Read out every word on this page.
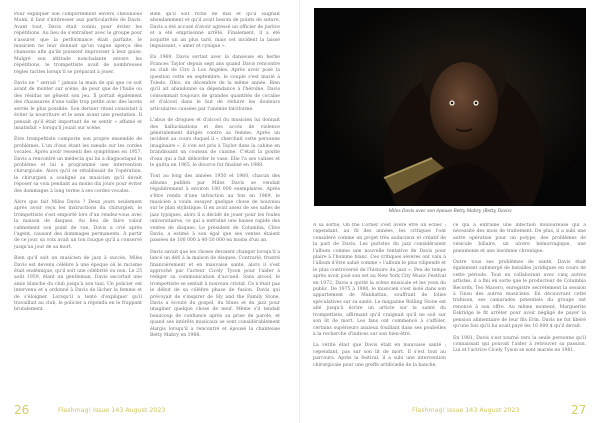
Pour expliquer son comportement envers Thelonious Monk, il faut s'intéresser aux particularités de Davis. Avant tout, Davis était connu pour éviter les répétitions. Au lieu de s'entraîner avec le groupe pour s'assurer que la performance était parfaite, le musicien ne leur donnait qu'un vague aperçu des chansons afin qu'ils puissent improviser à leur guise. Malgré son attitude nonchalante envers les répétitions, le trompettiste avait de nombreuses règles tacites lorsqu'il se préparait à jouer.

Davis ne " serrait " jamais la main de qui que ce soit avant de monter sur scène, de peur que de l'huile ou des résidus ne gênent son jeu. Il portait également des chaussures d'une taille trop petite avec des lacets serrés le plus possible. Son dernier rituel consistait à éviter la nourriture et le sexe avant une prestation. Il pensait qu'il était important de se sentir « affamé et insatisfait » lorsqu'il jouait sur scène.

Être trompettiste comporte son propre ensemble de problèmes. L'un d'eux étant les nœuds sur les cordes vocales. Après avoir ressenti des symptômes en 1957, Davis a rencontré un médecin qui lui a diagnostiqué le problème et lui a programmé une intervention chirurgicale. Alors qu'il se rétablissait de l'opération, le chirurgien a souligné au musicien qu'il devait reposer sa voix pendant au moins dix jours pour éviter des dommages à long terme à ses cordes vocales.

Alors que fait Miles Davis ? Deux jours seulement après avoir reçu les instructions du chirurgien, le trompettiste s'est emporté lors d'un rendez-vous avec la maison de disques. Au lieu de faire valoir calmement son point de vue, Davis a crié après l'agent, causant des dommages permanents. À partir de ce jour, sa voix avait un ton rauque qu'il a conservé jusqu'au jour de sa mort.

Bien qu'il soit un musicien de jazz à succès, Miles Davis est devenu célèbre à une époque où le racisme était endémique, qu'il soit une célébrité ou non. Le 25 août 1959, étant un gentleman, Davis escortait une amie blanche du club jusqu'à son taxi. Un policier est intervenu et a ordonné à Davis de lâcher la femme et de s'éloigner. Lorsqu'il a tenté d'expliquer qu'il travaillait au club, le policier a répondu en le frappant brutalement.

Bien qu'il soit riche de mal et qu'il saignait abondamment et qu'il avait besoin de points de suture, Davis a été accusé d'avoir agressé un officier de justice et a été emprisonné arrêté. Finalement, il a été acquitté un an plus tard, mais cet incident la laissé impuissant, « amer et cynique ».

En 1969, Davis sortait avec la danseuse en herbe Frances Taylor depuis sept ans quand Davis rencontre au club de Ciro à Los Angeles. Après avoir posé la question cette en septembre, le couple s'est marié à Toledo, Ohio, en décembre de la même année. Bien qu'il ait abandonné sa dépendance à l'héroïne, Davis consommait toujours de grandes quantités de cocaïne et d'alcool dans le but de réduire les douleurs articulaires causées par l'anémie falciforme.

L'abus de drogues et d'alcool du musicien lui donnait des hallucinations et des accès de violence généralement dirigés contre sa femme. Après un incident au cours duquel il « cherchait cette personne imaginaire », il s'en est pris à Taylor dans la cabine en brandissant un couteau de cuisine. C'était la goutte d'eau qui a fait déborder le vase. Elle l'a ses valises et le quitta en 1965, le divorce fut finalisé en 1968.

Tout au long des années 1950 et 1960, chacun des albums publiés par Miles Davis se vendait régulièrement à environ 100 000 exemplaires. Après s'être rendu d'une infraction au fois en 1969, le musicien a voulu essayer quelque chose de nouveau sur le plan stylistique. Il en avait assez de ses salles de jazz typiques, alors il a décidé de jouer pour les foules universitaires, ce qui a entraîné une baisse rapide des ventes de disques. Le président de Columbia, Clive Davis, a estimé à son égal que ses ventes étaient passées de 100 000 à 40-50 000 en moins d'un an.

Davis savait que les choses devaient changer lorsqu'il a lancé un défi à la maison de disques. Contrarié, frustré financièrement et en mauvaise santé, alors il s'est approché par l'acteur Cicely Tyson pour l'aider à rédiger sa communication d'accueil. Sans alcool, le trompettiste se sentait à nouveau cristal. Ce n'était pas le début de sa célèbre phase de fusion. Davis qui prévoyait de s'inspirer de Sly and the Family Stone, Davis a écouté du gospel, du blues et du jazz pour imaginer quelque chose de neuf. Même s'il tendait beaucoup de confiance après sa prise de parole, et quand ses intérêts musicaux se sont considérablement élargis lorsqu'il a rencontré et épousé la chanteuse Betty Mabry en 1968.

Miles Davis avec son épouse Betty Mabry (Betty Davis)

À sa sortie, On the Corner s'est avéré être un échec ; cependant, au fil des années, les critiques l'ont considéré comme un projet très audacieux et créatif de la part de Davis. Les puristes du jazz considéraient l'album comme une nouvelle tentative de Davis pour plaire à l'homme blanc. Ces critiques sévères ont valu à l'album d'être salué comme « l'album le plus vilipendé et le plus controversé de l'histoire du jazz ». Peu de temps après avoir joué son set au New York City Music Festival en 1972, Davis a quitté la scène musicale et les yeux du public. De 1975 à 1980, le musicien s'est isolé dans son appartement de Manhattan, souffrant de folies spéculatives sur sa santé. Le magazine Rolling Stone est allé jusqu'à écrire un article sur la santé du trompettiste, affirmant qu'il craignait qu'il ne soit sur son lit de mort. Les fans ont commencé à s'affoler, certains supérieurs anxieux fouillant dans ses poubelles à la recherche d'indices sur son bien-être.

La vérité était que Davis était en mauvaise santé ; cependant, pas sur son lit de mort. Il s'est tout au parcours. Après la festival, il a subi une intervention chirurgicale pour une greffe artificielle de la hanche,

ce qui a entraîné une infection douloureuse qui a nécessité des mois de traitement. De plus, il a subi une autre opération pour un polype, des problèmes de vésicule biliaire, un ulcère hémorragique, une pneumonie et une insomnie chronique.

Outre tous ses problèmes de santé, Davis était également submergé de batailles juridiques en cours de cette période. Tout en collaborant avec cinq autres artistes, il a fini en sorte que le producteur de Columbia Records, Teo Macero, enregistre secrètement la session à l'insu des autres musiciens. En découvrant cette trahison, ses camarades potentiels du groupe ont renoncé à son offre. Au même moment, Marguerite Eskridge le fit arrêter pour avoir négligé de payer la pension alimentaire de leur fils Erin. Davis ne fut libéré qu'une fois qu'il lui avait payé les 10 000 $ qu'il devait.

En 1981, Davis s'est tourné vers la seule personne qu'il connaissait qui pouvait l'aider à retrouver sa passion. Lui et l'actrice Cicely Tyson se sont mariés en 1981.

26	Flashmag! Issue 143 August 2023	Flashmag! Issue 143 August 2023	27
